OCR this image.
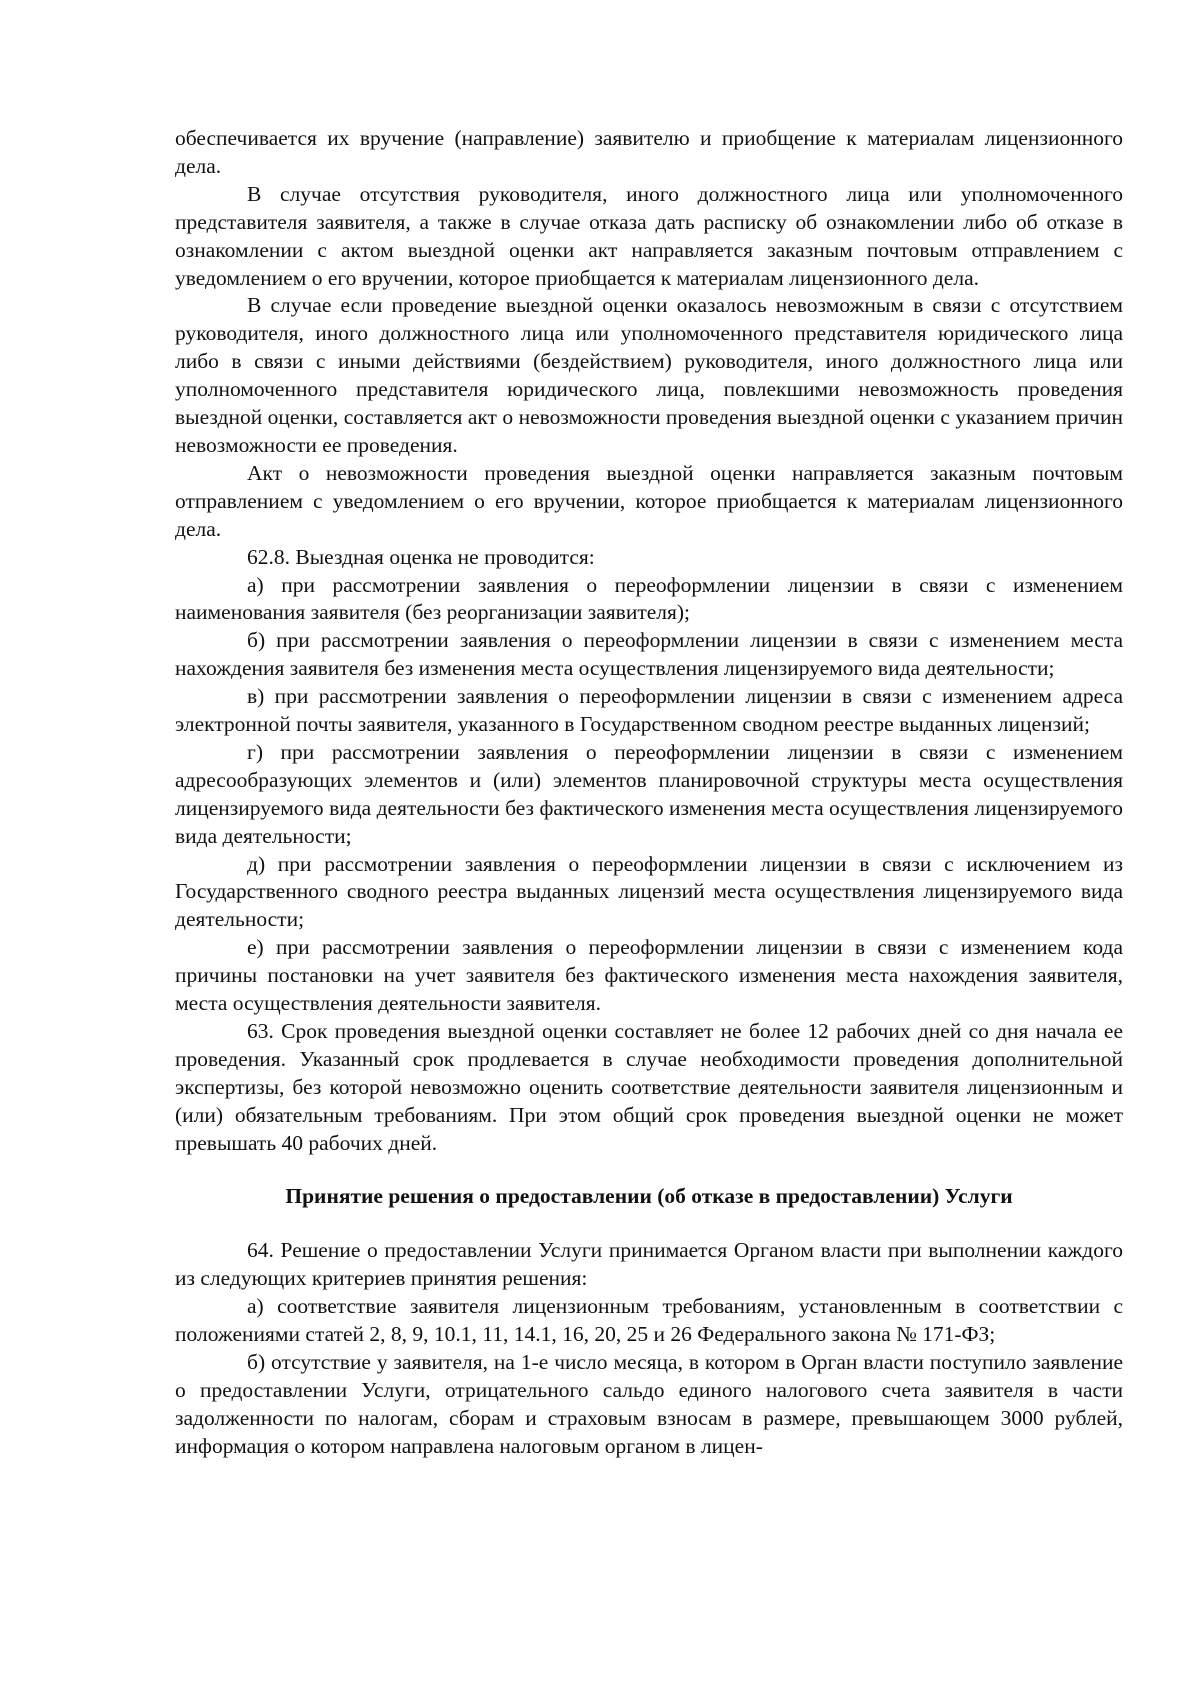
обеспечивается их вручение (направление) заявителю и приобщение к материалам лицензионного дела.

В случае отсутствия руководителя, иного должностного лица или уполномоченного представителя заявителя, а также в случае отказа дать расписку об ознакомлении либо об отказе в ознакомлении с актом выездной оценки акт направляется заказным почтовым отправлением с уведомлением о его вручении, которое приобщается к материалам лицензионного дела.

В случае если проведение выездной оценки оказалось невозможным в связи с отсутствием руководителя, иного должностного лица или уполномоченного представителя юридического лица либо в связи с иными действиями (бездействием) руководителя, иного должностного лица или уполномоченного представителя юридического лица, повлекшими невозможность проведения выездной оценки, составляется акт о невозможности проведения выездной оценки с указанием причин невозможности ее проведения.

Акт о невозможности проведения выездной оценки направляется заказным почтовым отправлением с уведомлением о его вручении, которое приобщается к материалам лицензионного дела.

62.8. Выездная оценка не проводится:

а) при рассмотрении заявления о переоформлении лицензии в связи с изменением наименования заявителя (без реорганизации заявителя);

б) при рассмотрении заявления о переоформлении лицензии в связи с изменением места нахождения заявителя без изменения места осуществления лицензируемого вида деятельности;

в) при рассмотрении заявления о переоформлении лицензии в связи с изменением адреса электронной почты заявителя, указанного в Государственном сводном реестре выданных лицензий;

г) при рассмотрении заявления о переоформлении лицензии в связи с изменением адресообразующих элементов и (или) элементов планировочной структуры места осуществления лицензируемого вида деятельности без фактического изменения места осуществления лицензируемого вида деятельности;

д) при рассмотрении заявления о переоформлении лицензии в связи с исключением из Государственного сводного реестра выданных лицензий места осуществления лицензируемого вида деятельности;

е) при рассмотрении заявления о переоформлении лицензии в связи с изменением кода причины постановки на учет заявителя без фактического изменения места нахождения заявителя, места осуществления деятельности заявителя.

63. Срок проведения выездной оценки составляет не более 12 рабочих дней со дня начала ее проведения. Указанный срок продлевается в случае необходимости проведения дополнительной экспертизы, без которой невозможно оценить соответствие деятельности заявителя лицензионным и (или) обязательным требованиям. При этом общий срок проведения выездной оценки не может превышать 40 рабочих дней.

Принятие решения о предоставлении (об отказе в предоставлении) Услуги

64. Решение о предоставлении Услуги принимается Органом власти при выполнении каждого из следующих критериев принятия решения:

а) соответствие заявителя лицензионным требованиям, установленным в соответствии с положениями статей 2, 8, 9, 10.1, 11, 14.1, 16, 20, 25 и 26 Федерального закона № 171-ФЗ;

б) отсутствие у заявителя, на 1-е число месяца, в котором в Орган власти поступило заявление о предоставлении Услуги, отрицательного сальдо единого налогового счета заявителя в части задолженности по налогам, сборам и страховым взносам в размере, превышающем 3000 рублей, информация о котором направлена налоговым органом в лицен-
